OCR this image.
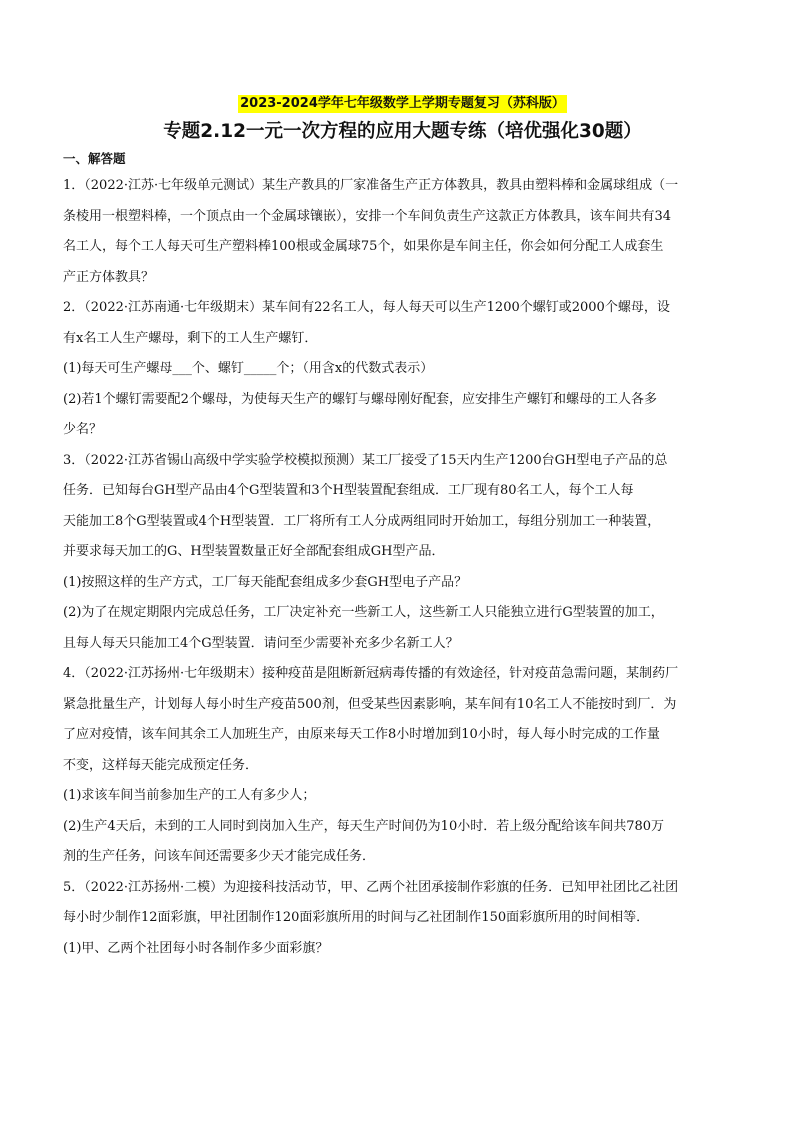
2023-2024学年七年级数学上学期专题复习（苏科版）
专题2.12一元一次方程的应用大题专练（培优强化30题）
一、解答题

1．（2022·江苏·七年级单元测试）某生产教具的厂家准备生产正方体教具，教具由塑料棒和金属球组成（一

条棱用一根塑料棒，一个顶点由一个金属球镶嵌），安排一个车间负责生产这款正方体教具，该车间共有34

名工人，每个工人每天可生产塑料棒100根或金属球75个，如果你是车间主任，你会如何分配工人成套生

产正方体教具？

2．（2022·江苏南通·七年级期末）某车间有22名工人，每人每天可以生产1200个螺钉或2000个螺母，设

有x名工人生产螺母，剩下的工人生产螺钉．

(1)每天可生产螺母___个、螺钉_____个；（用含x的代数式表示）

(2)若1个螺钉需要配2个螺母，为使每天生产的螺钉与螺母刚好配套，应安排生产螺钉和螺母的工人各多

少名？

3．（2022·江苏省锡山高级中学实验学校模拟预测）某工厂接受了15天内生产1200台GH型电子产品的总

任务．已知每台GH型产品由4个G型装置和3个H型装置配套组成．工厂现有80名工人，每个工人每

天能加工8个G型装置或4个H型装置．工厂将所有工人分成两组同时开始加工，每组分别加工一种装置，

并要求每天加工的G、H型装置数量正好全部配套组成GH型产品．

(1)按照这样的生产方式，工厂每天能配套组成多少套GH型电子产品？

(2)为了在规定期限内完成总任务，工厂决定补充一些新工人，这些新工人只能独立进行G型装置的加工，

且每人每天只能加工4个G型装置．请问至少需要补充多少名新工人？

4．（2022·江苏扬州·七年级期末）接种疫苗是阻断新冠病毒传播的有效途径，针对疫苗急需问题，某制药厂

紧急批量生产，计划每人每小时生产疫苗500剂，但受某些因素影响，某车间有10名工人不能按时到厂．为

了应对疫情，该车间其余工人加班生产，由原来每天工作8小时增加到10小时，每人每小时完成的工作量

不变，这样每天能完成预定任务．

(1)求该车间当前参加生产的工人有多少人；

(2)生产4天后，未到的工人同时到岗加入生产，每天生产时间仍为10小时．若上级分配给该车间共780万

剂的生产任务，问该车间还需要多少天才能完成任务．

5．（2022·江苏扬州·二模）为迎接科技活动节，甲、乙两个社团承接制作彩旗的任务．已知甲社团比乙社团

每小时少制作12面彩旗，甲社团制作120面彩旗所用的时间与乙社团制作150面彩旗所用的时间相等．

(1)甲、乙两个社团每小时各制作多少面彩旗？
